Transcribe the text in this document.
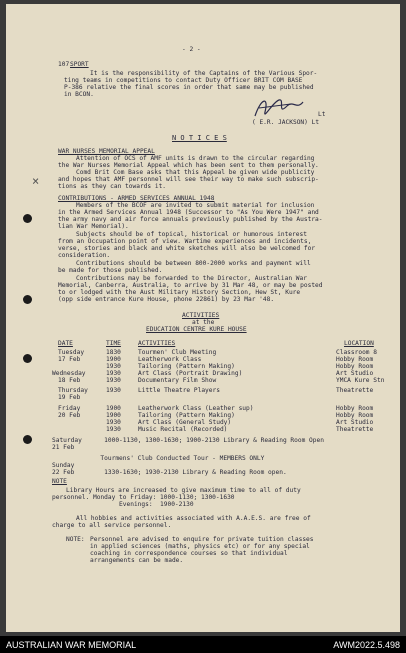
×
- 2 -
107.
SPORT
It is the responsibility of the Captains of the Various Spor-
ting teams in competitions to contact Duty Officer BRIT COM BASE
P-386 relative the final scores in order that same may be published
in BCON.
Lt
( E.R. JACKSON) Lt
N O T I C E S
WAR NURSES MEMORIAL APPEAL
Attention of OCS of AMF units is drawn to the circular regarding
the War Nurses Memorial Appeal which has been sent to them personally.
Comd Brit Com Base asks that this Appeal be given wide publicity
and hopes that AMF personnel will see their way to make such subscrip-
tions as they can towards it.
CONTRIBUTIONS - ARMED SERVICES ANNUAL 1948
Members of the BCOF are invited to submit material for inclusion
in the Armed Services Annual 1948 (Successor to "As You Were 1947" and
the army navy and air force annuals previously published by the Austra-
lian War Memorial).
Subjects should be of topical, historical or humorous interest
from an Occupation point of view. Wartime experiences and incidents,
verse, stories and black and white sketches will also be welcomed for
consideration.
Contributions should be between 800-2000 works and payment will
be made for those published.
Contributions may be forwarded to the Director, Australian War
Memorial, Canberra, Australia, to arrive by 31 Mar 48, or may be posted
to or lodged with the Aust Military History Section, Hew St, Kure
(opp side entrance Kure House, phone 22861) by 23 Mar '48.
ACTIVITIES
at the
EDUCATION CENTRE KURE HOUSE
DATE	TIME	ACTIVITIES	LOCATION
Tuesday	1830	Tourmen' Club Meeting	Classroom 8
17 Feb	1900	Leatherwork Class	Hobby Room
1930	Tailoring (Pattern Making)	Hobby Room
Wednesday	1930	Art Class (Portrait Drawing)	Art Studio
18 Feb	1930	Documentary Film Show	YMCA Kure Stn
Thursday	1930	Little Theatre Players	Theatrette
19 Feb
Friday	1900	Leatherwork Class (Leather sup)	Hobby Room
20 Feb	1900	Tailoring (Pattern Making)	Hobby Room
1930	Art Class (General Study)	Art Studio
1930	Music Recital (Recorded)	Theatrette
Saturday      1000-1130, 1300-1630; 1900-2130 Library & Reading Room Open
21 Feb
Tourmens' Club Conducted Tour - MEMBERS ONLY
Sunday
22 Feb        1330-1630; 1930-2130 Library & Reading Room open.
NOTE
Library Hours are increased to give maximum time to all of duty
personnel. Monday to Friday: 1000-1130; 1300-1630
Evenings:  1900-2130
All hobbies and activities associated with A.A.E.S. are free of
charge to all service personnel.
NOTE: Personnel are advised to enquire for private tuition classes
in applied sciences (maths, physics etc) or for any special
coaching in correspondence courses so that individual
arrangements can be made.
AUSTRALIAN WAR MEMORIAL	AWM2022.5.498
